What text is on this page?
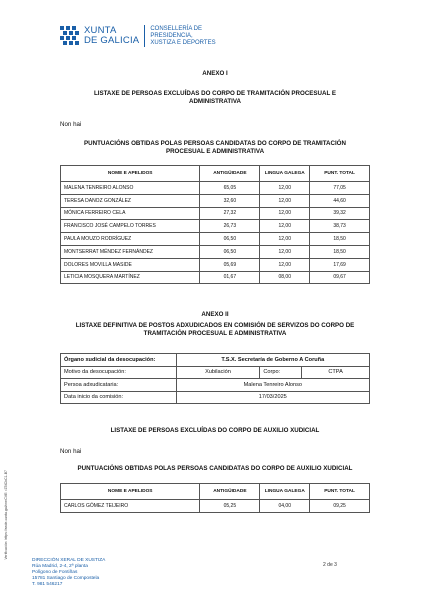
XUNTA
DE GALICIA
CONSELLERÍA DE
PRESIDENCIA,
XUSTIZA E DEPORTES
ANEXO I
LISTAXE DE PERSOAS EXCLUÍDAS DO CORPO DE TRAMITACIÓN PROCESUAL E
ADMINISTRATIVA
Non hai
PUNTUACIÓNS OBTIDAS POLAS PERSOAS CANDIDATAS DO CORPO DE TRAMITACIÓN
PROCESUAL E ADMINISTRATIVA
NOME E APELIDOS	ANTIGÜIDADE	LINGUA GALEGA	PUNT. TOTAL
MALENA TENREIRO ALONSO	65,05	12,00	77,05
TERESA DANOZ GONZÁLEZ	32,60	12,00	44,60
MÓNICA FERREIRO CELA	27,32	12,00	39,32
FRANCISCO JOSÉ CAMPELO TORRES	26,73	12,00	38,73
PAULA MOUZO RODRÍGUEZ	06,50	12,00	18,50
MONTSERRAT MÉNDEZ FERNÁNDEZ	06,50	12,00	18,50
DOLORES MOVILLA MASIDE	05,69	12,00	17,69
LETICIA MOSQUERA MARTÍNEZ	01,67	08,00	09,67
ANEXO II
LISTAXE DEFINITIVA DE POSTOS ADXUDICADOS EN COMISIÓN DE SERVIZOS DO CORPO DE
TRAMITACIÓN PROCESUAL E ADMINISTRATIVA
Órgano xudicial da desocupación:	T.S.X. Secretaría de Goberno A Coruña		
Motivo da desocupación:	Xubilación	Corpo:	CTPA
Persoa adxudicataria:	Malena Tenreiro Alonso		
Data inicio da comisión:	17/03/2025		
LISTAXE DE PERSOAS EXCLUÍDAS DO CORPO DE AUXILIO XUDICIAL
Non hai
PUNTUACIÓNS OBTIDAS POLAS PERSOAS CANDIDATAS DO CORPO DE AUXILIO XUDICIAL
NOME E APELIDOS	ANTIGÜIDADE	LINGUA GALEGA	PUNT. TOTAL
CARLOS GÓMEZ TEIJEIRO	05,25	04,00	09,25
CVE: rZ5ICbC1-B7
Verificación: https://sede.xunta.gal/cve
DIRECCIÓN XERAL DE XUSTIZA
Rúa Madrid, 2-4, 2ª planta
Polígono de Fontiñas
15781 Santiago de Compostela
T. 981 546217
2 de 3
